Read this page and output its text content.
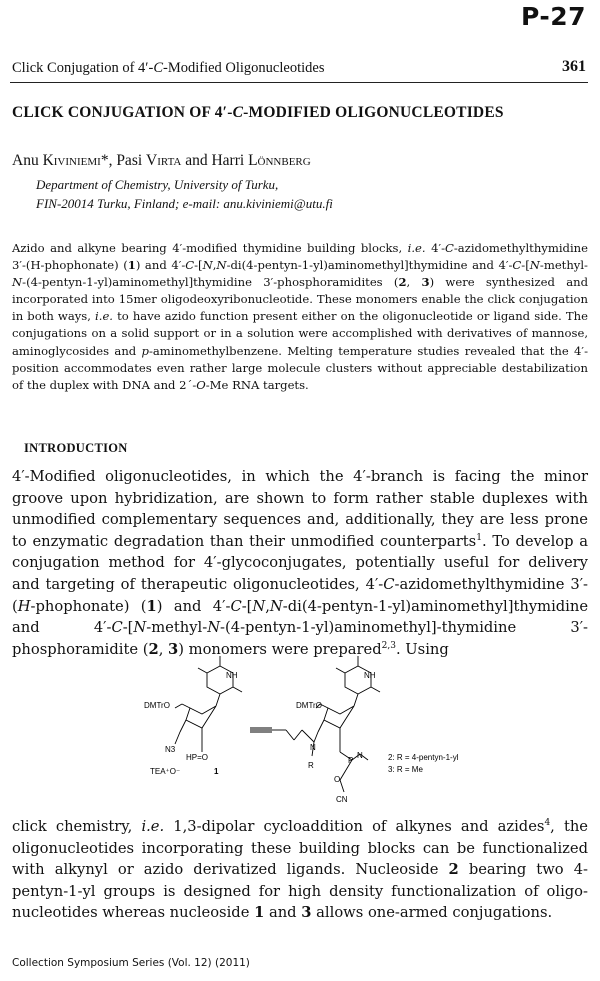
P-27
Click Conjugation of 4′-C-Modified Oligonucleotides	361
CLICK CONJUGATION OF 4′-C-MODIFIED OLIGONUCLEOTIDES
Anu Kiviniemi*, Pasi Virta and Harri Lönnberg
Department of Chemistry, University of Turku,
FIN-20014 Turku, Finland; e-mail: anu.kiviniemi@utu.fi

Azido and alkyne bearing 4′-modified thymidine building blocks, i.e. 4′-C-azidomethylthymidine 3′-(H-phophonate) (1) and 4′-C-[N,N-di(4-pentyn-1-yl)aminomethyl]thymidine and 4′-C-[N-methyl-N-(4-pentyn-1-yl)aminomethyl]thymidine 3′-phosphoramidites (2, 3) were synthesized and incorporated into 15mer oligodeoxyribonucleotide. These monomers enable the click conjugation in both ways, i.e. to have azido function present either on the oligonucleotide or ligand side. The conjugations on a solid support or in a solution were accomplished with derivatives of mannose, aminoglycosides and p-aminomethylbenzene. Melting temperature studies revealed that the 4′-position accommodates even rather large molecule clusters without appreciable destabilization of the duplex with DNA and 2´-O-Me RNA targets.

INTRODUCTION

4′-Modified oligonucleotides, in which the 4′-branch is facing the minor groove upon hybridization, are shown to form rather stable duplexes with unmodified complementary sequences and, additionally, they are less prone to enzymatic degradation than their unmodified counterparts$^1$. To develop a conjugation method for 4′-glycoconjugates, potentially useful for delivery and targeting of therapeutic oligonucleotides, 4′-C-azidomethylthymidine 3′-(H-phophonate) (1) and 4′-C-[N,N-di(4-pentyn-1-yl)aminomethyl]thymidine and 4′-C-[N-methyl-N-(4-pentyn-1-yl)aminomethyl]-thymidine 3′-phosphoramidite (2, 3) monomers were prepared$^{2,3}$. Using

DMTrO
N3
HP=O
TEA⁺O⁻	1
NH
DMTrO
N
R
P
N
O
CN
NH
2: R = 4-pentyn-1-yl
3: R = Me

click chemistry, i.e. 1,3-dipolar cycloaddition of alkynes and azides$^4$, the oligonucleotides incorporating these building blocks can be functionalized with alkynyl or azido derivatized ligands. Nucleoside 2 bearing two 4-pentyn-1-yl groups is designed for high density functionalization of oligonucleotides whereas nucleoside 1 and 3 allows one-armed conjugations.

Collection Symposium Series (Vol. 12) (2011)
